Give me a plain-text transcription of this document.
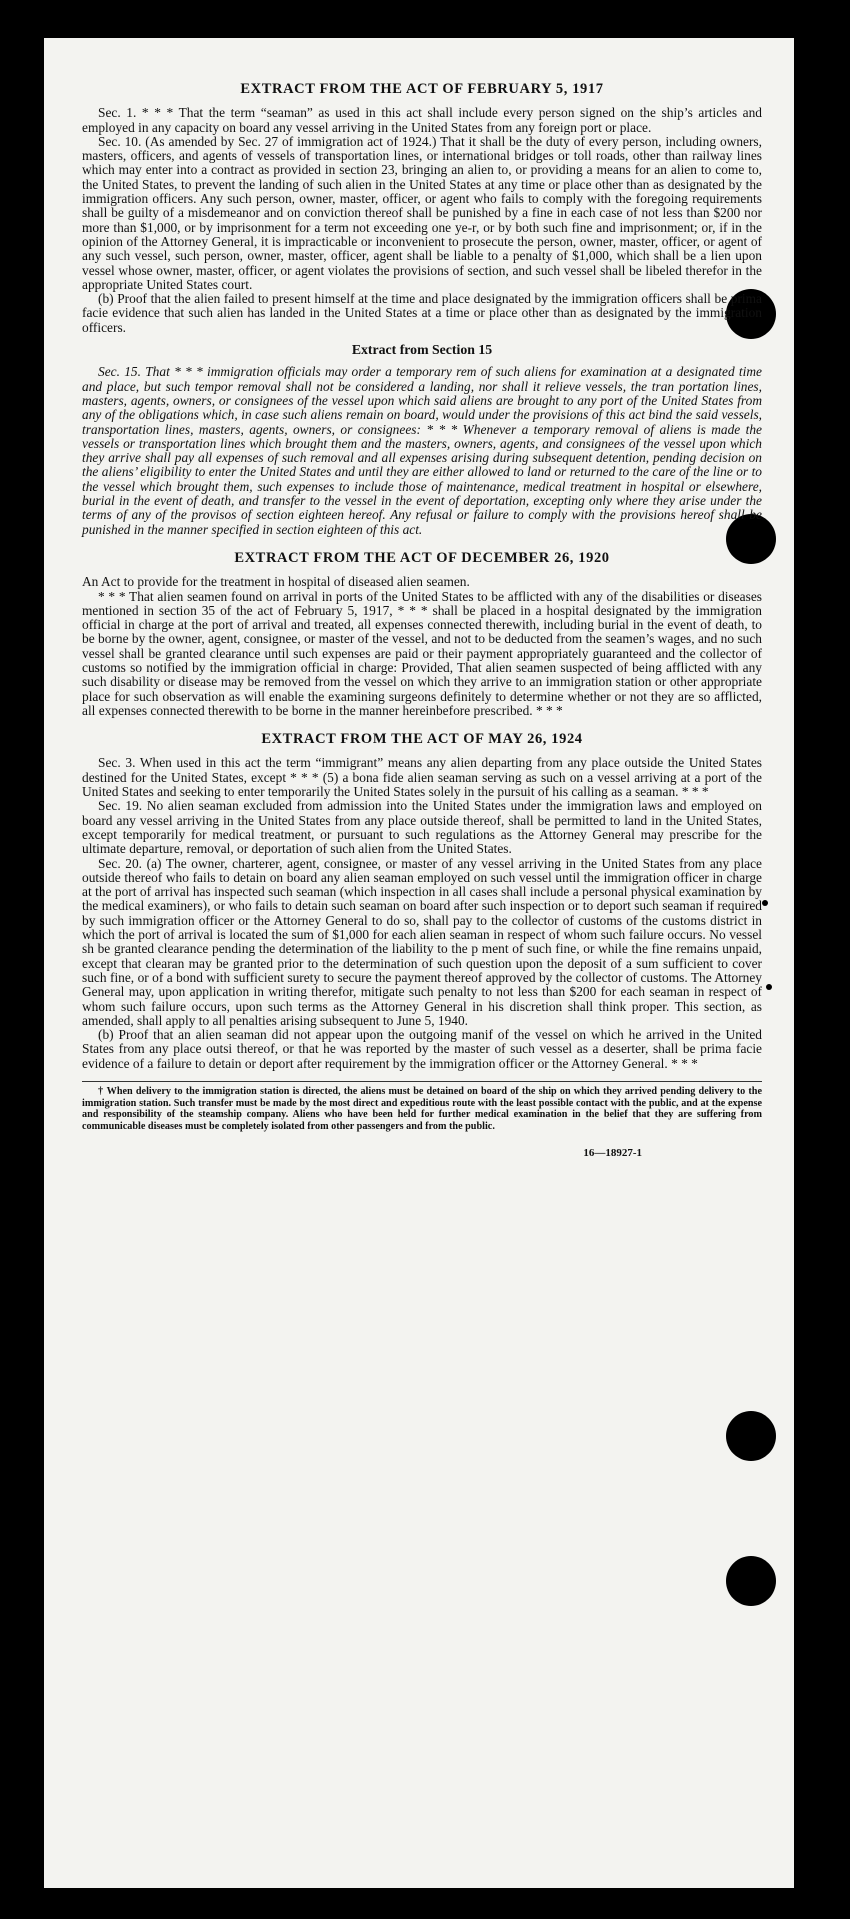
EXTRACT FROM THE ACT OF FEBRUARY 5, 1917

Sec. 1. * * * That the term “seaman” as used in this act shall include every person signed on the ship’s articles and employed in any capacity on board any vessel arriving in the United States from any foreign port or place.

Sec. 10. (As amended by Sec. 27 of immigration act of 1924.) That it shall be the duty of every person, including owners, masters, officers, and agents of vessels of transportation lines, or international bridges or toll roads, other than railway lines which may enter into a contract as provided in section 23, bringing an alien to, or providing a means for an alien to come to, the United States, to prevent the landing of such alien in the United States at any time or place other than as designated by the immigration officers. Any such person, owner, master, officer, or agent who fails to comply with the foregoing requirements shall be guilty of a misdemeanor and on conviction thereof shall be punished by a fine in each case of not less than $200 nor more than $1,000, or by imprisonment for a term not exceeding one ye‐r, or by both such fine and imprisonment; or, if in the opinion of the Attorney General, it is impracticable or inconvenient to prosecute the person, owner, master, officer, or agent of any such vessel, such person, owner, master, officer, agent shall be liable to a penalty of $1,000, which shall be a lien upon vessel whose owner, master, officer, or agent violates the provisions of section, and such vessel shall be libeled therefor in the appropriate United States court.

(b) Proof that the alien failed to present himself at the time and place designated by the immigration officers shall be prima facie evidence that such alien has landed in the United States at a time or place other than as designated by the immigration officers.

Extract from Section 15

Sec. 15. That * * * immigration officials may order a temporary rem of such aliens for examination at a designated time and place, but such tempor removal shall not be considered a landing, nor shall it relieve vessels, the tran portation lines, masters, agents, owners, or consignees of the vessel upon which said aliens are brought to any port of the United States from any of the obligations which, in case such aliens remain on board, would under the provisions of this act bind the said vessels, transportation lines, masters, agents, owners, or consignees: * * * Whenever a temporary removal of aliens is made the vessels or transportation lines which brought them and the masters, owners, agents, and consignees of the vessel upon which they arrive shall pay all expenses of such removal and all expenses arising during subsequent detention, pending decision on the aliens’ eligibility to enter the United States and until they are either allowed to land or returned to the care of the line or to the vessel which brought them, such expenses to include those of maintenance, medical treatment in hospital or elsewhere, burial in the event of death, and transfer to the vessel in the event of deportation, excepting only where they arise under the terms of any of the provisos of section eighteen hereof. Any refusal or failure to comply with the provisions hereof shall be punished in the manner specified in section eighteen of this act.

EXTRACT FROM THE ACT OF DECEMBER 26, 1920

An Act to provide for the treatment in hospital of diseased alien seamen.

* * * That alien seamen found on arrival in ports of the United States to be afflicted with any of the disabilities or diseases mentioned in section 35 of the act of February 5, 1917, * * * shall be placed in a hospital designated by the immigration official in charge at the port of arrival and treated, all expenses connected therewith, including burial in the event of death, to be borne by the owner, agent, consignee, or master of the vessel, and not to be deducted from the seamen’s wages, and no such vessel shall be granted clearance until such expenses are paid or their payment appropriately guaranteed and the collector of customs so notified by the immigration official in charge: Provided, That alien seamen suspected of being afflicted with any such disability or disease may be removed from the vessel on which they arrive to an immigration station or other appropriate place for such observation as will enable the examining surgeons definitely to determine whether or not they are so afflicted, all expenses connected therewith to be borne in the manner hereinbefore prescribed. * * *

EXTRACT FROM THE ACT OF MAY 26, 1924

Sec. 3. When used in this act the term “immigrant” means any alien departing from any place outside the United States destined for the United States, except * * * (5) a bona fide alien seaman serving as such on a vessel arriving at a port of the United States and seeking to enter temporarily the United States solely in the pursuit of his calling as a seaman. * * *

Sec. 19. No alien seaman excluded from admission into the United States under the immigration laws and employed on board any vessel arriving in the United States from any place outside thereof, shall be permitted to land in the United States, except temporarily for medical treatment, or pursuant to such regulations as the Attorney General may prescribe for the ultimate departure, removal, or deportation of such alien from the United States.

Sec. 20. (a) The owner, charterer, agent, consignee, or master of any vessel arriving in the United States from any place outside thereof who fails to detain on board any alien seaman employed on such vessel until the immigration officer in charge at the port of arrival has inspected such seaman (which inspection in all cases shall include a personal physical examination by the medical examiners), or who fails to detain such seaman on board after such inspection or to deport such seaman if required by such immigration officer or the Attorney General to do so, shall pay to the collector of customs of the customs district in which the port of arrival is located the sum of $1,000 for each alien seaman in respect of whom such failure occurs. No vessel sh be granted clearance pending the determination of the liability to the p ment of such fine, or while the fine remains unpaid, except that clearan may be granted prior to the determination of such question upon the deposit of a sum sufficient to cover such fine, or of a bond with sufficient surety to secure the payment thereof approved by the collector of customs. The Attorney General may, upon application in writing therefor, mitigate such penalty to not less than $200 for each seaman in respect of whom such failure occurs, upon such terms as the Attorney General in his discretion shall think proper. This section, as amended, shall apply to all penalties arising subsequent to June 5, 1940.

(b) Proof that an alien seaman did not appear upon the outgoing manif of the vessel on which he arrived in the United States from any place outsi thereof, or that he was reported by the master of such vessel as a deserter, shall be prima facie evidence of a failure to detain or deport after requirement by the immigration officer or the Attorney General. * * *

† When delivery to the immigration station is directed, the aliens must be detained on board of the ship on which they arrived pending delivery to the immigration station. Such transfer must be made by the most direct and expeditious route with the least possible contact with the public, and at the expense and responsibility of the steamship company. Aliens who have been held for further medical examination in the belief that they are suffering from communicable diseases must be completely isolated from other passengers and from the public.

16—18927-1
